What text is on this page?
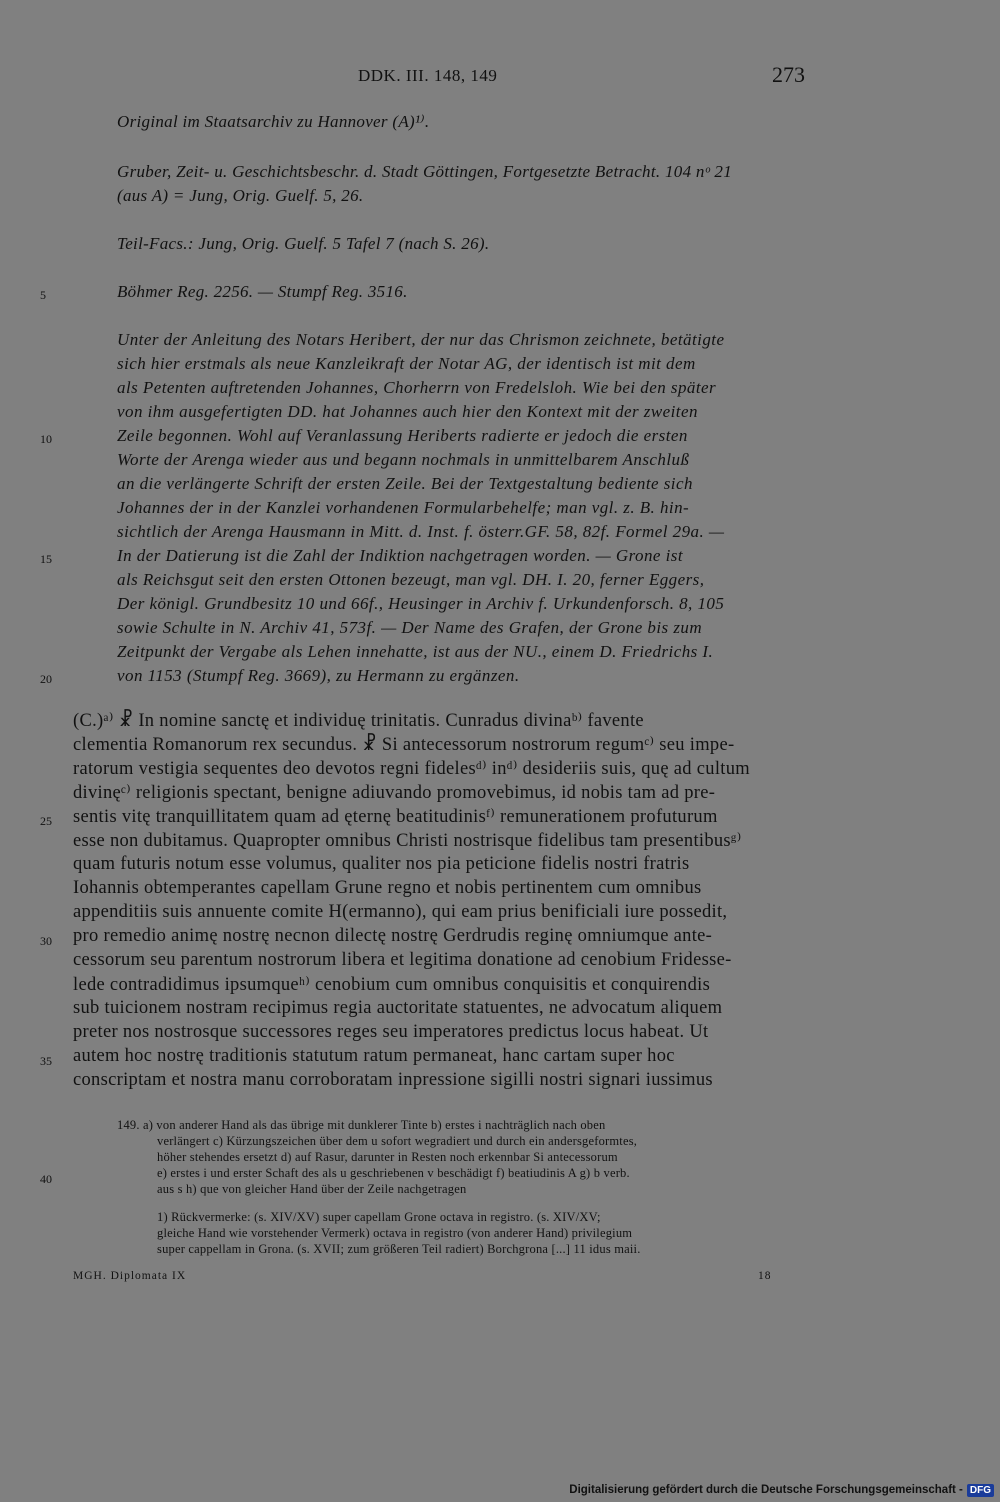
DDK. III. 148, 149	273
Original im Staatsarchiv zu Hannover (A)¹⁾.
Gruber, Zeit- u. Geschichtsbeschr. d. Stadt Göttingen, Fortgesetzte Betracht. 104 nᵒ 21
(aus A) = Jung, Orig. Guelf. 5, 26.
Teil-Facs.: Jung, Orig. Guelf. 5 Tafel 7 (nach S. 26).
Böhmer Reg. 2256. — Stumpf Reg. 3516.
Unter der Anleitung des Notars Heribert, der nur das Chrismon zeichnete, betätigte
sich hier erstmals als neue Kanzleikraft der Notar AG, der identisch ist mit dem
als Petenten auftretenden Johannes, Chorherrn von Fredelsloh. Wie bei den später
von ihm ausgefertigten DD. hat Johannes auch hier den Kontext mit der zweiten
Zeile begonnen. Wohl auf Veranlassung Heriberts radierte er jedoch die ersten
Worte der Arenga wieder aus und begann nochmals in unmittelbarem Anschluß
an die verlängerte Schrift der ersten Zeile. Bei der Textgestaltung bediente sich
Johannes der in der Kanzlei vorhandenen Formularbehelfe; man vgl. z. B. hin-
sichtlich der Arenga Hausmann in Mitt. d. Inst. f. österr.GF. 58, 82f. Formel 29a. —
In der Datierung ist die Zahl der Indiktion nachgetragen worden. — Grone ist
als Reichsgut seit den ersten Ottonen bezeugt, man vgl. DH. I. 20, ferner Eggers,
Der königl. Grundbesitz 10 und 66f., Heusinger in Archiv f. Urkundenforsch. 8, 105
sowie Schulte in N. Archiv 41, 573f. — Der Name des Grafen, der Grone bis zum
Zeitpunkt der Vergabe als Lehen innehatte, ist aus der NU., einem D. Friedrichs I.
von 1153 (Stumpf Reg. 3669), zu Hermann zu ergänzen.
(C.)ᵃ⁾ ☧ In nomine sanctę et individuę trinitatis. Cunradus divinaᵇ⁾ favente
clementia Romanorum rex secundus. ☧ Si antecessorum nostrorum regumᶜ⁾ seu impe-
ratorum vestigia sequentes deo devotos regni fidelesᵈ⁾ inᵈ⁾ desideriis suis, quę ad cultum
divinęᶜ⁾ religionis spectant, benigne adiuvando promovebimus, id nobis tam ad pre-
sentis vitę tranquillitatem quam ad ęternę beatitudinisᶠ⁾ remunerationem profuturum
esse non dubitamus. Quapropter omnibus Christi nostrisque fidelibus tam presentibusᵍ⁾
quam futuris notum esse volumus, qualiter nos pia peticione fidelis nostri fratris
Iohannis obtemperantes capellam Grune regno et nobis pertinentem cum omnibus
appenditiis suis annuente comite H(ermanno), qui eam prius benificiali iure possedit,
pro remedio animę nostrę necnon dilectę nostrę Gerdrudis reginę omniumque ante-
cessorum seu parentum nostrorum libera et legitima donatione ad cenobium Fridesse-
lede contradidimus ipsumqueʰ⁾ cenobium cum omnibus conquisitis et conquirendis
sub tuicionem nostram recipimus regia auctoritate statuentes, ne advocatum aliquem
preter nos nostrosque successores reges seu imperatores predictus locus habeat. Ut
autem hoc nostrę traditionis statutum ratum permaneat, hanc cartam super hoc
conscriptam et nostra manu corroboratam inpressione sigilli nostri signari iussimus
149. a) von anderer Hand als das übrige mit dunklerer Tinte b) erstes i nachträglich nach oben
verlängert c) Kürzungszeichen über dem u sofort wegradiert und durch ein andersgeformtes,
höher stehendes ersetzt d) auf Rasur, darunter in Resten noch erkennbar Si antecessorum
e) erstes i und erster Schaft des als u geschriebenen v beschädigt f) beatiudinis A g) b verb.
aus s h) que von gleicher Hand über der Zeile nachgetragen
1) Rückvermerke: (s. XIV/XV) super capellam Grone octava in registro. (s. XIV/XV;
gleiche Hand wie vorstehender Vermerk) octava in registro (von anderer Hand) privilegium
super cappellam in Grona. (s. XVII; zum größeren Teil radiert) Borchgrona [...] 11 idus maii.
5
10
15
20
25
30
35
40
MGH. Diplomata IX	18
Digitalisierung gefördert durch die Deutsche Forschungsgemeinschaft - DFG
